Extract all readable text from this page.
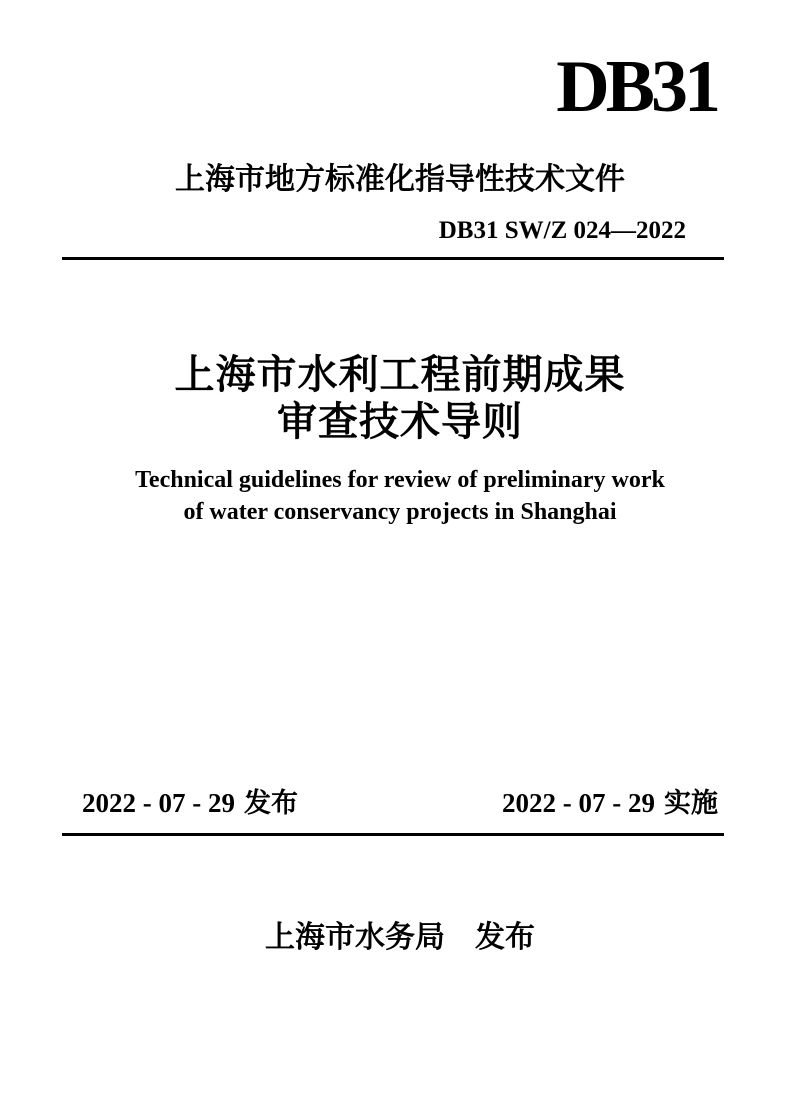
DB31
上海市地方标准化指导性技术文件
DB31 SW/Z 024—2022
上海市水利工程前期成果
审查技术导则
Technical guidelines for review of preliminary work
of water conservancy projects in Shanghai
2022 - 07 - 29 发布	2022 - 07 - 29 实施
上海市水务局　 发布
